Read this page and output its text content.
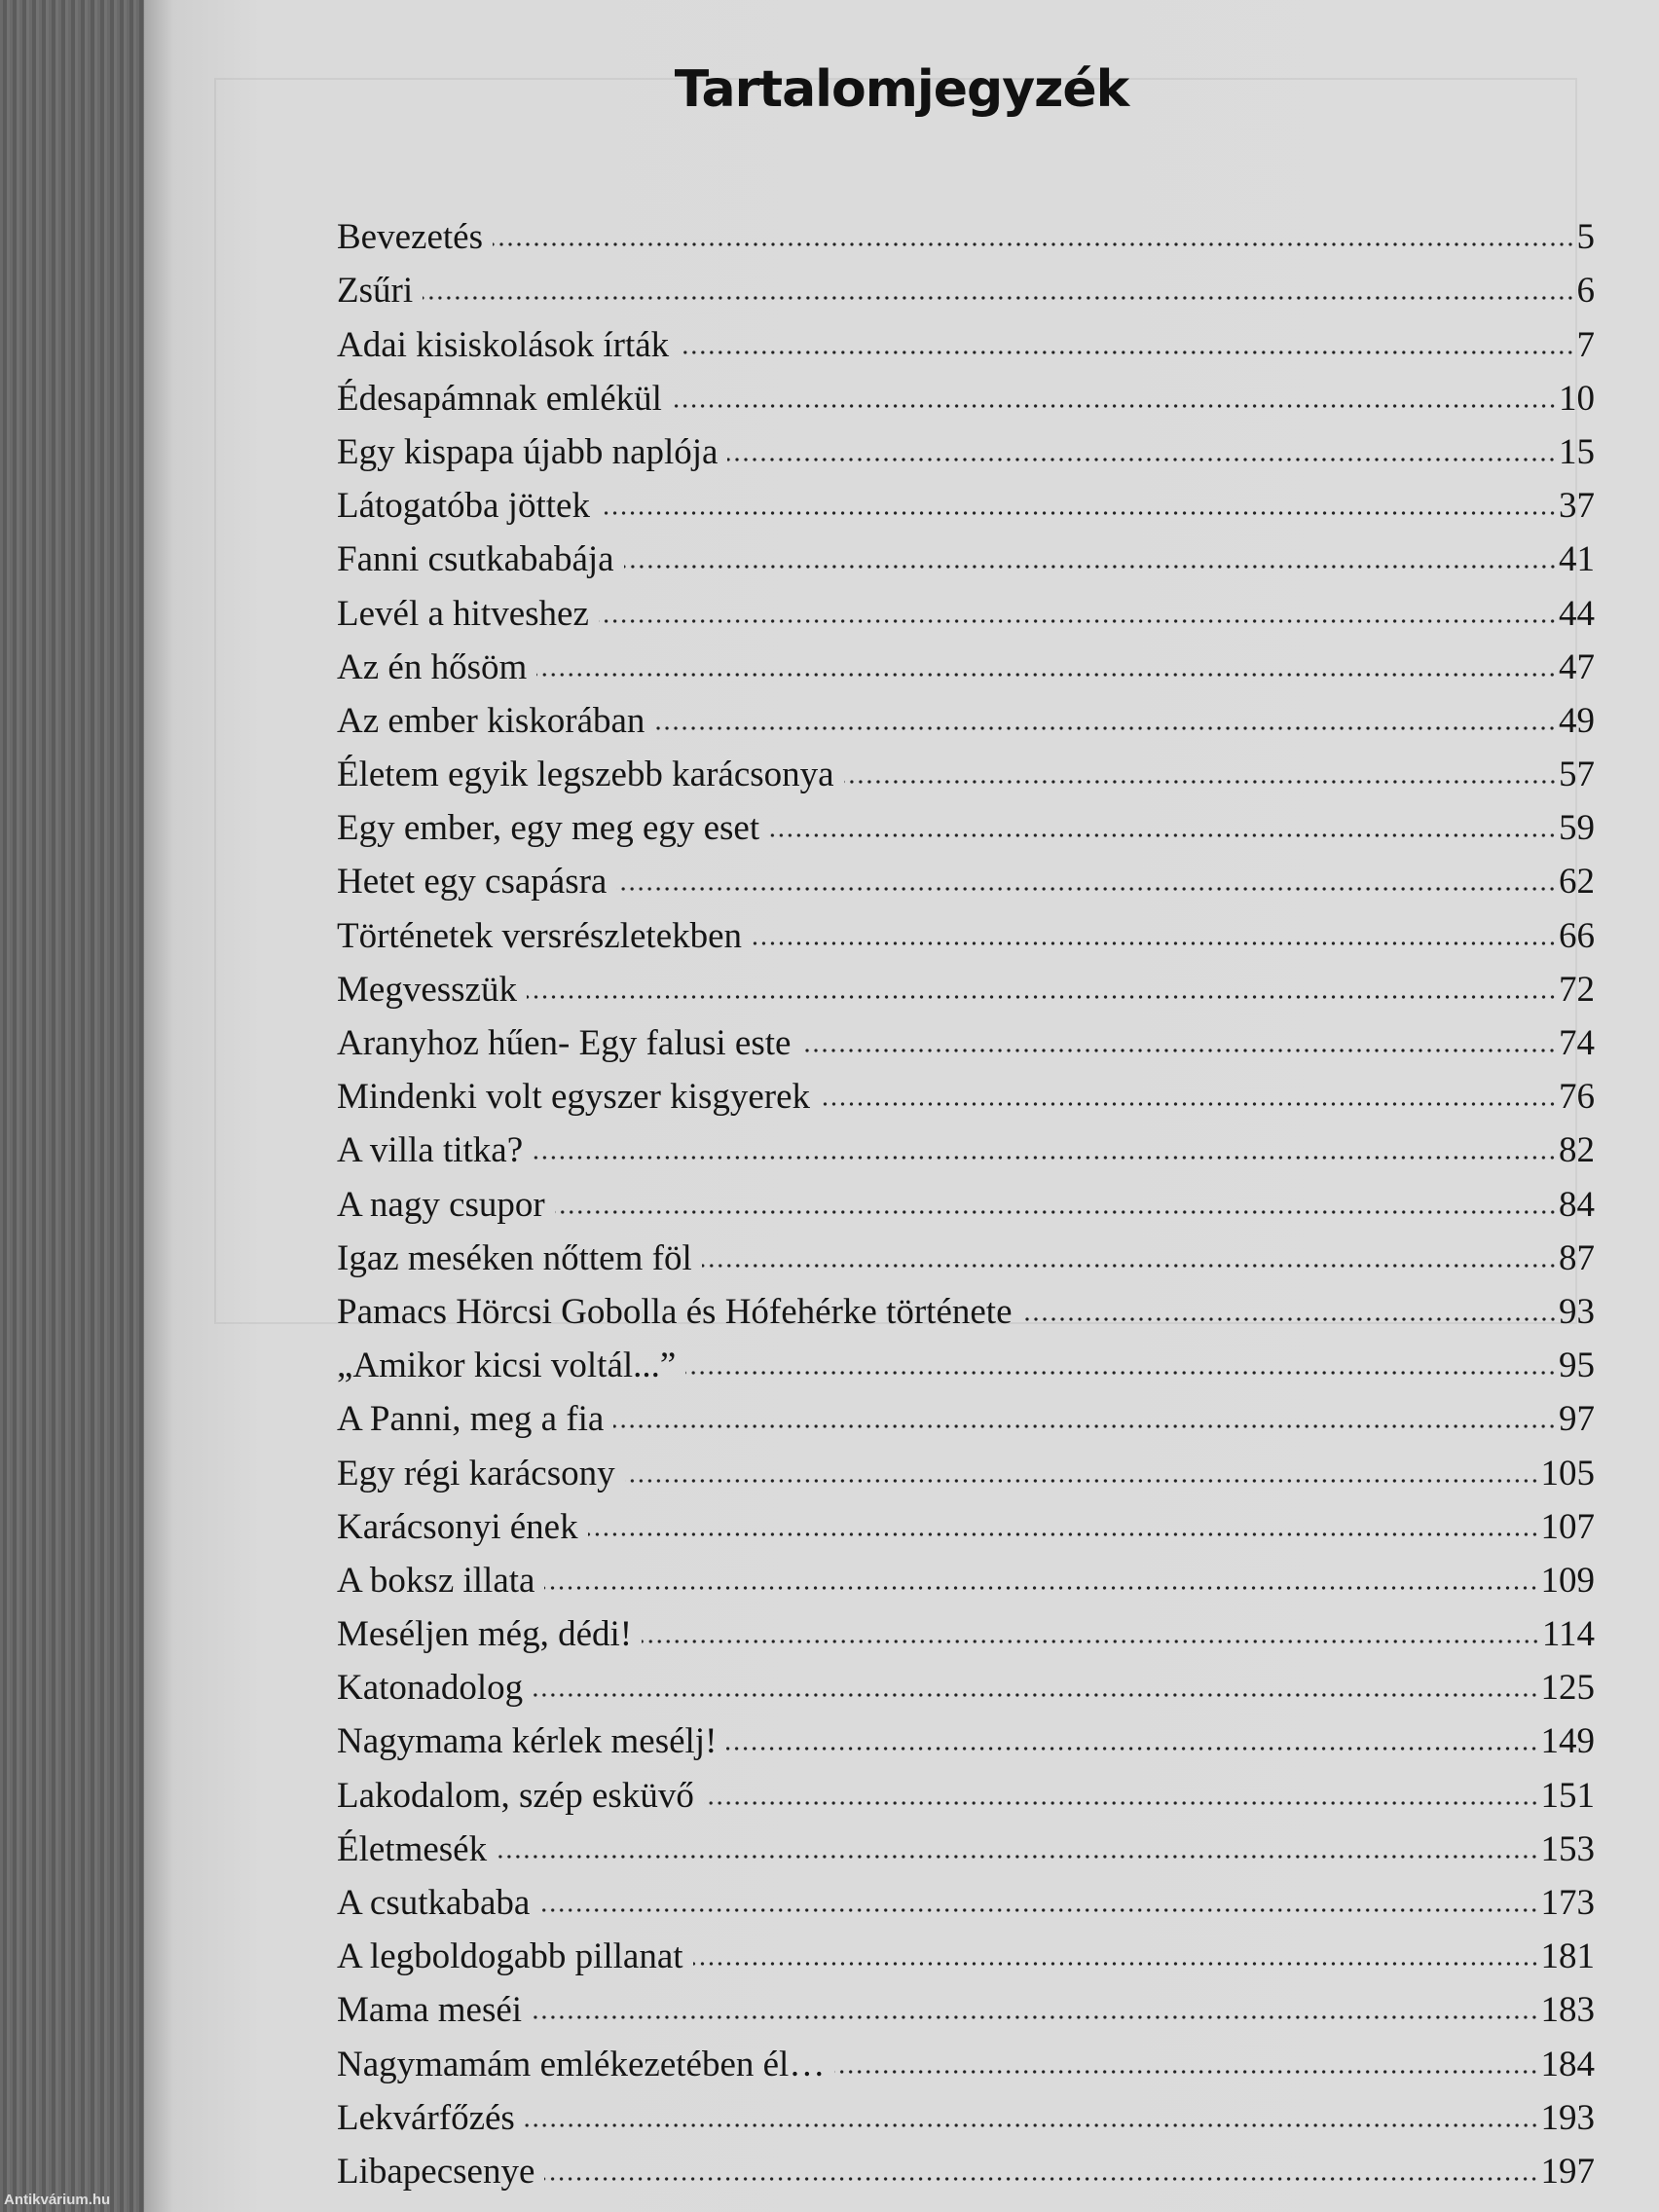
Tartalomjegyzék
Bevezetés	5
Zsűri	6
Adai kisiskolások írták	7
Édesapámnak emlékül	10
Egy kispapa újabb naplója	15
Látogatóba jöttek	37
Fanni csutkababája	41
Levél a hitveshez	44
Az én hősöm	47
Az ember kiskorában	49
Életem egyik legszebb karácsonya	57
Egy ember, egy meg egy eset	59
Hetet egy csapásra	62
Történetek versrészletekben	66
Megvesszük	72
Aranyhoz hűen- Egy falusi este	74
Mindenki volt egyszer kisgyerek	76
A villa titka?	82
A nagy csupor	84
Igaz meséken nőttem föl	87
Pamacs Hörcsi Gobolla és Hófehérke története	93
„Amikor kicsi voltál...”	95
A Panni, meg a fia	97
Egy régi karácsony	105
Karácsonyi ének	107
A boksz illata	109
Meséljen még, dédi!	114
Katonadolog	125
Nagymama kérlek mesélj!	149
Lakodalom, szép esküvő	151
Életmesék	153
A csutkababa	173
A legboldogabb pillanat	181
Mama meséi	183
Nagymamám emlékezetében él…	184
Lekvárfőzés	193
Libapecsenye	197
Antikvárium.hu
